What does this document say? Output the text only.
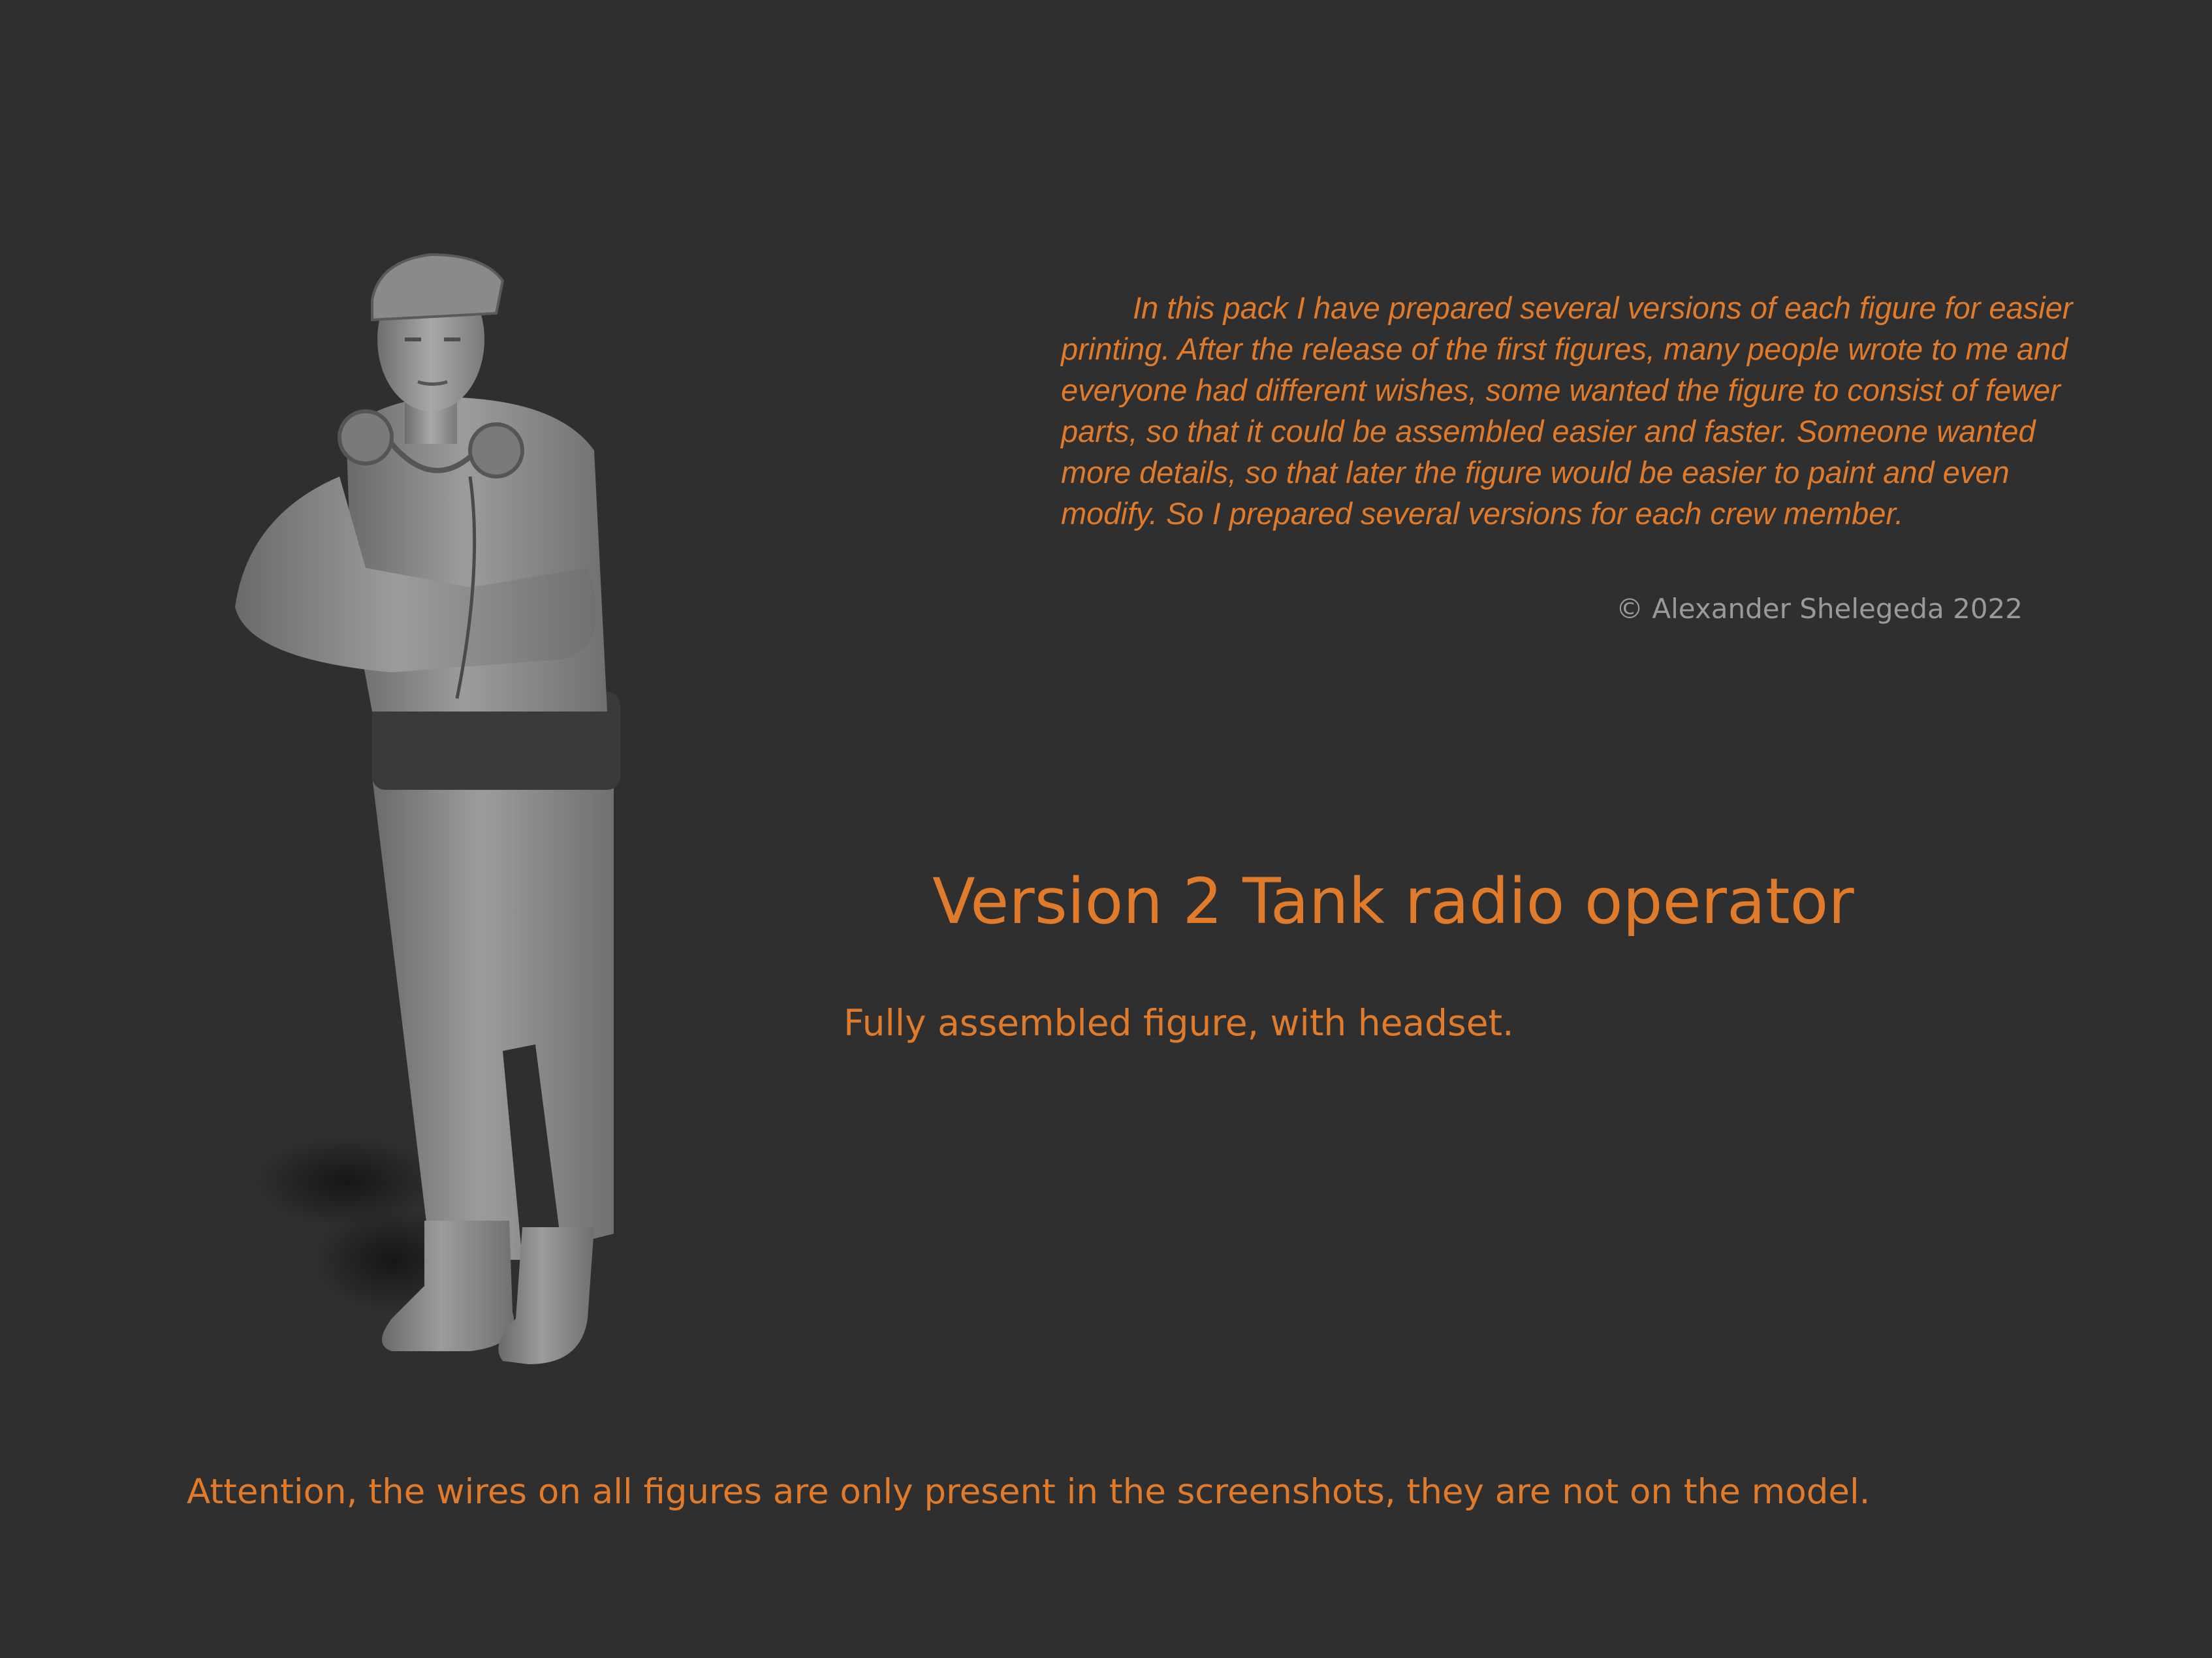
In this pack I have prepared several versions of each figure for easier printing. After the release of the first figures, many people wrote to me and everyone had different wishes, some wanted the figure to consist of fewer parts, so that it could be assembled easier and faster. Someone wanted more details, so that later the figure would be easier to paint and even modify. So I prepared several versions for each crew member.

© Alexander Shelegeda 2022
Version 2 Tank radio operator
Fully assembled figure, with headset.
Attention, the wires on all figures are only present in the screenshots, they are not on the model.
